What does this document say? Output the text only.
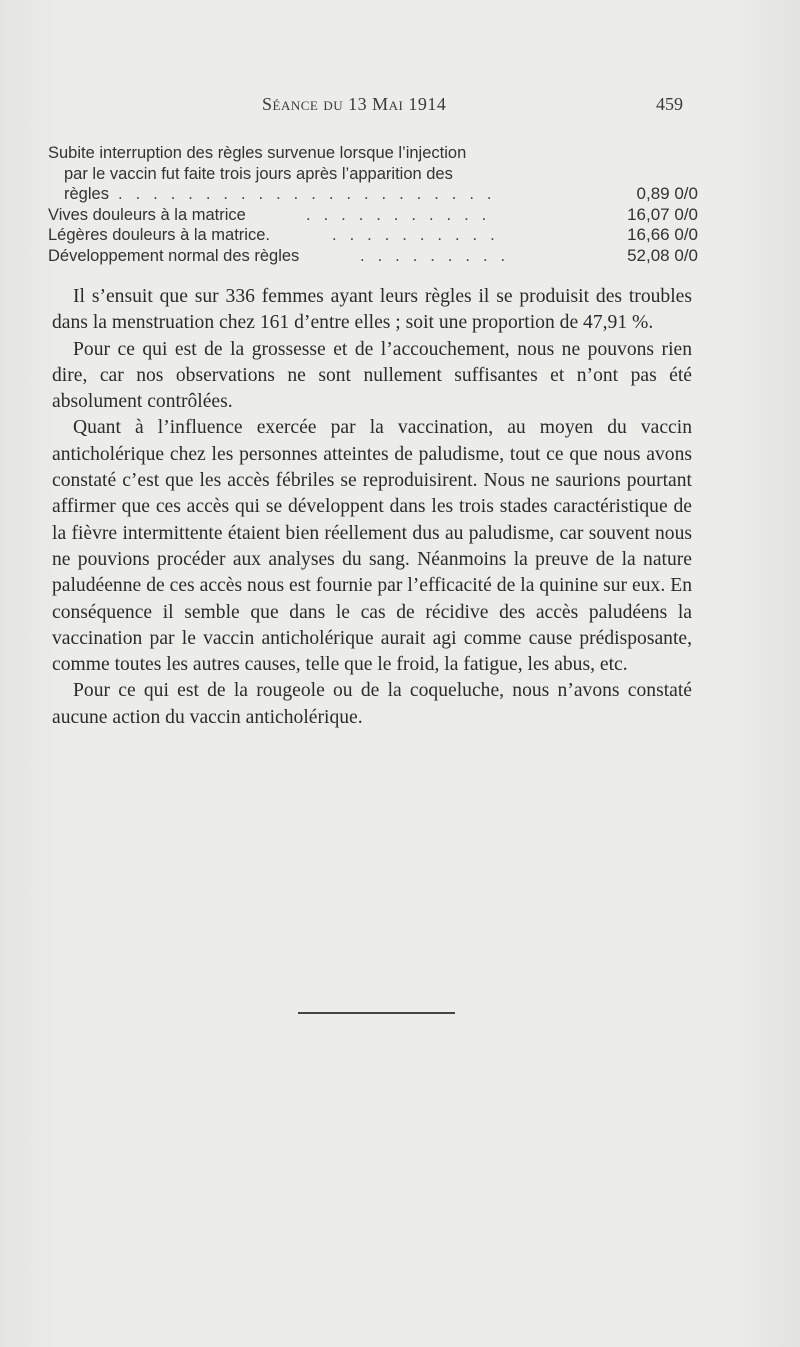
Séance du 13 Mai 1914	459
Subite interruption des règles survenue lorsque l’injection
par le vaccin fut faite trois jours après l’apparition des
règles . . . . . . . . . . . . . . . . . . . . . .	0,89 0/0
Vives douleurs à la matrice	. . . . . . . . . . .	16,07 0/0
Légères douleurs à la matrice.	. . . . . . . . . .	16,66 0/0
Développement normal des règles	. . . . . . . . .	52,08 0/0

Il s’ensuit que sur 336 femmes ayant leurs règles il se produisit des troubles dans la menstruation chez 161 d’entre elles ; soit une proportion de 47,91 %.

Pour ce qui est de la grossesse et de l’accouchement, nous ne pouvons rien dire, car nos observations ne sont nullement suffisantes et n’ont pas été absolument contrôlées.

Quant à l’influence exercée par la vaccination, au moyen du vaccin anticholérique chez les personnes atteintes de paludisme, tout ce que nous avons constaté c’est que les accès fébriles se reproduisirent. Nous ne saurions pourtant affirmer que ces accès qui se développent dans les trois stades caractéristique de la fièvre intermittente étaient bien réellement dus au paludisme, car souvent nous ne pouvions procéder aux analyses du sang. Néanmoins la preuve de la nature paludéenne de ces accès nous est fournie par l’efficacité de la quinine sur eux. En conséquence il semble que dans le cas de récidive des accès paludéens la vaccination par le vaccin anticholérique aurait agi comme cause prédisposante, comme toutes les autres causes, telle que le froid, la fatigue, les abus, etc.

Pour ce qui est de la rougeole ou de la coqueluche, nous n’avons constaté aucune action du vaccin anticholérique.
